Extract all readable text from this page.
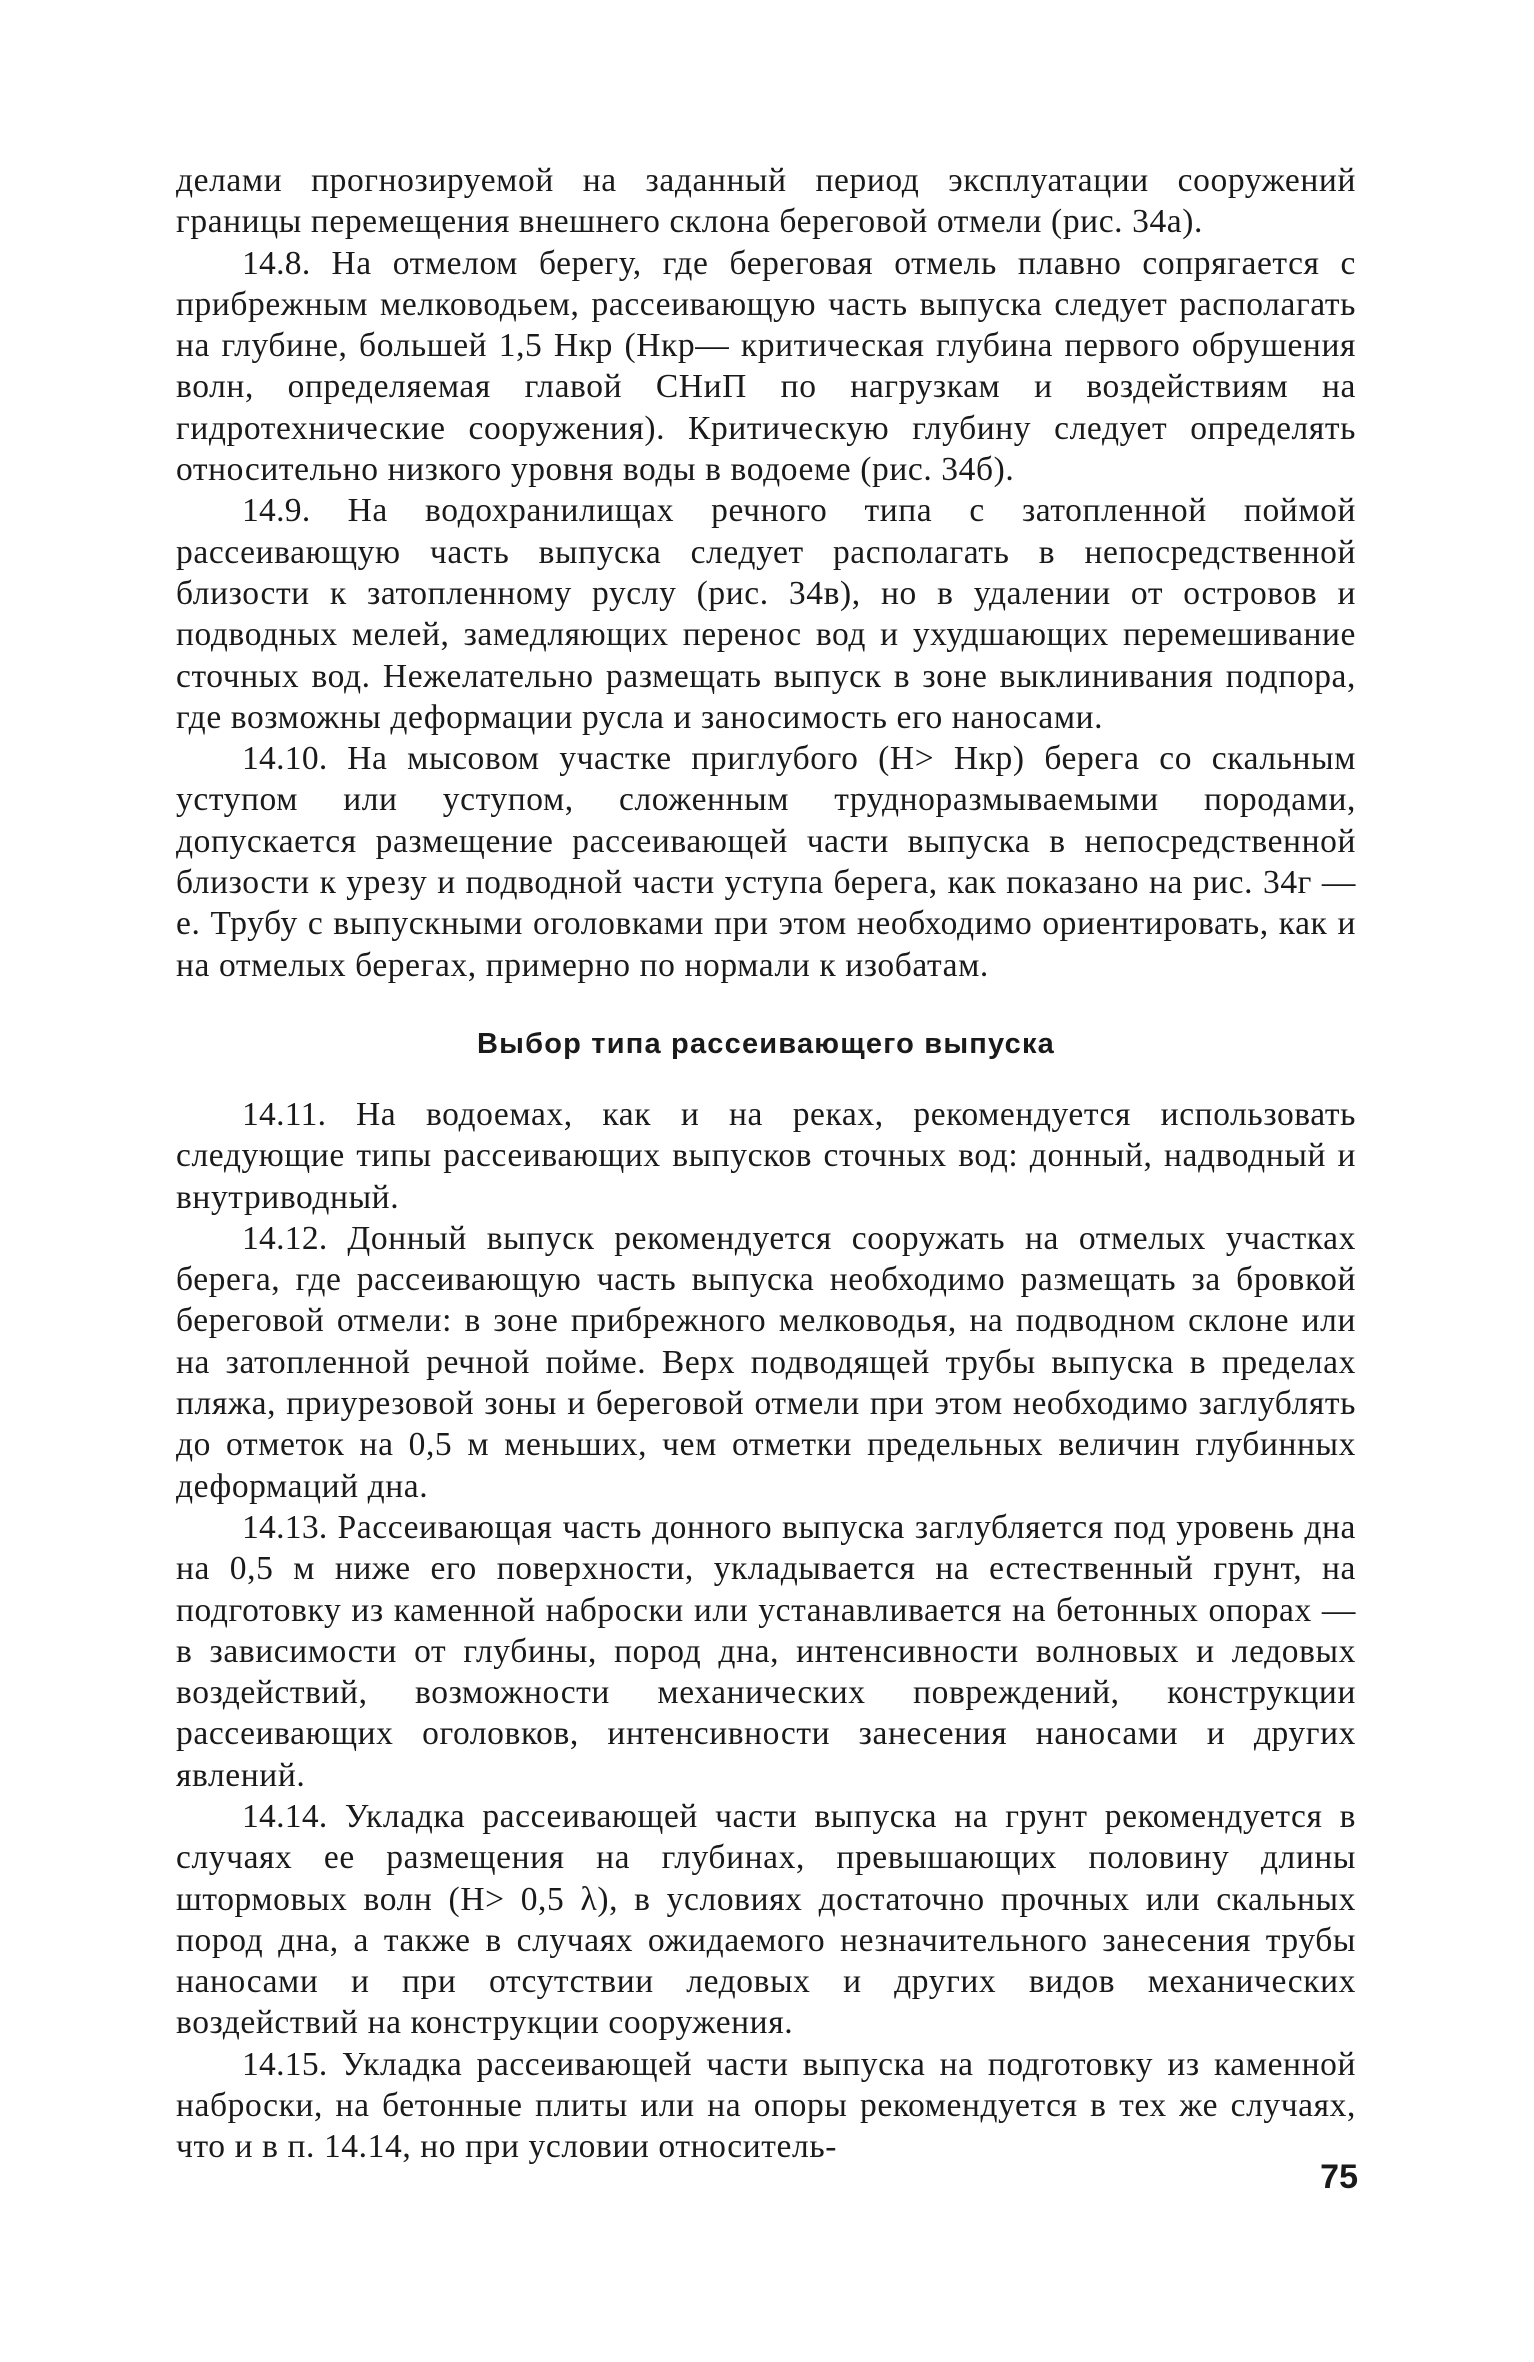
делами прогнозируемой на заданный период эксплуатации сооружений границы перемещения внешнего склона береговой отмели (рис. 34а).

14.8. На отмелом берегу, где береговая отмель плавно сопрягается с прибрежным мелководьем, рассеивающую часть выпуска следует располагать на глубине, большей 1,5 Нкр (Нкр— критическая глубина первого обрушения волн, определяемая главой СНиП по нагрузкам и воздействиям на гидротехнические сооружения). Критическую глубину следует определять относительно низкого уровня воды в водоеме (рис. 34б).

14.9. На водохранилищах речного типа с затопленной поймой рассеивающую часть выпуска следует располагать в непосредственной близости к затопленному руслу (рис. 34в), но в удалении от островов и подводных мелей, замедляющих перенос вод и ухудшающих перемешивание сточных вод. Нежелательно размещать выпуск в зоне выклинивания подпора, где возможны деформации русла и заносимость его наносами.

14.10. На мысовом участке приглубого (Н> Нкр) берега со скальным уступом или уступом, сложенным трудноразмываемыми породами, допускается размещение рассеивающей части выпуска в непосредственной близости к урезу и подводной части уступа берега, как показано на рис. 34г — е. Трубу с выпускными оголовками при этом необходимо ориентировать, как и на отмелых берегах, примерно по нормали к изобатам.

Выбор типа рассеивающего выпуска

14.11. На водоемах, как и на реках, рекомендуется использовать следующие типы рассеивающих выпусков сточных вод: донный, надводный и внутриводный.

14.12. Донный выпуск рекомендуется сооружать на отмелых участках берега, где рассеивающую часть выпуска необходимо размещать за бровкой береговой отмели: в зоне прибрежного мелководья, на подводном склоне или на затопленной речной пойме. Верх подводящей трубы выпуска в пределах пляжа, приурезовой зоны и береговой отмели при этом необходимо заглублять до отметок на 0,5 м меньших, чем отметки предельных величин глубинных деформаций дна.

14.13. Рассеивающая часть донного выпуска заглубляется под уровень дна на 0,5 м ниже его поверхности, укладывается на естественный грунт, на подготовку из каменной наброски или устанавливается на бетонных опорах — в зависимости от глубины, пород дна, интенсивности волновых и ледовых воздействий, возможности механических повреждений, конструкции рассеивающих оголовков, интенсивности занесения наносами и других явлений.

14.14. Укладка рассеивающей части выпуска на грунт рекомендуется в случаях ее размещения на глубинах, превышающих половину длины штормовых волн (Н> 0,5 λ), в условиях достаточно прочных или скальных пород дна, а также в случаях ожидаемого незначительного занесения трубы наносами и при отсутствии ледовых и других видов механических воздействий на конструкции сооружения.

14.15. Укладка рассеивающей части выпуска на подготовку из каменной наброски, на бетонные плиты или на опоры рекомендуется в тех же случаях, что и в п. 14.14, но при условии относитель-

75
